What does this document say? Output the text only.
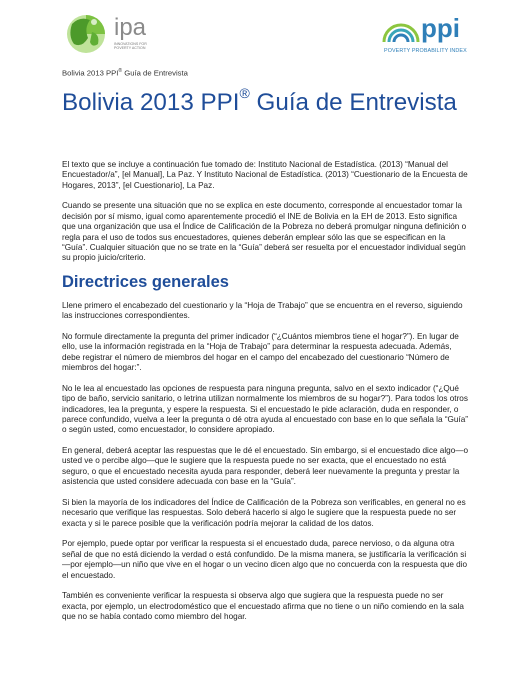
ipa
INNOVATIONS FOR
POVERTY ACTION
ppi
POVERTY PROBABILITY INDEX
Bolivia 2013 PPI® Guía de Entrevista
Bolivia 2013 PPI® Guía de Entrevista

El texto que se incluye a continuación fue tomado de: Instituto Nacional de Estadística. (2013) “Manual del Encuestador/a”, [el Manual], La Paz. Y Instituto Nacional de Estadística. (2013) “Cuestionario de la Encuesta de Hogares, 2013”, [el Cuestionario], La Paz.

Cuando se presente una situación que no se explica en este documento, corresponde al encuestador tomar la decisión por sí mismo, igual como aparentemente procedió el INE de Bolivia en la EH de 2013. Esto significa que una organización que usa el Índice de Calificación de la Pobreza no deberá promulgar ninguna definición o regla para el uso de todos sus encuestadores, quienes deberán emplear sólo las que se especifican en la “Guía”. Cualquier situación que no se trate en la “Guía” deberá ser resuelta por el encuestador individual según su propio juicio/criterio.

Directrices generales

Llene primero el encabezado del cuestionario y la “Hoja de Trabajo” que se encuentra en el reverso, siguiendo las instrucciones correspondientes.

No formule directamente la pregunta del primer indicador (“¿Cuántos miembros tiene el hogar?”). En lugar de ello, use la información registrada en la “Hoja de Trabajo” para determinar la respuesta adecuada. Además, debe registrar el número de miembros del hogar en el campo del encabezado del cuestionario “Número de miembros del hogar:”.

No le lea al encuestado las opciones de respuesta para ninguna pregunta, salvo en el sexto indicador (“¿Qué tipo de baño, servicio sanitario, o letrina utilizan normalmente los miembros de su hogar?”). Para todos los otros indicadores, lea la pregunta, y espere la respuesta. Si el encuestado le pide aclaración, duda en responder, o parece confundido, vuelva a leer la pregunta o dé otra ayuda al encuestado con base en lo que señala la “Guía” o según usted, como encuestador, lo considere apropiado.

En general, deberá aceptar las respuestas que le dé el encuestado. Sin embargo, si el encuestado dice algo—o usted ve o percibe algo—que le sugiere que la respuesta puede no ser exacta, que el encuestado no está seguro, o que el encuestado necesita ayuda para responder, deberá leer nuevamente la pregunta y prestar la asistencia que usted considere adecuada con base en la “Guía”.

Si bien la mayoría de los indicadores del Índice de Calificación de la Pobreza son verificables, en general no es necesario que verifique las respuestas. Solo deberá hacerlo si algo le sugiere que la respuesta puede no ser exacta y si le parece posible que la verificación podría mejorar la calidad de los datos.

Por ejemplo, puede optar por verificar la respuesta si el encuestado duda, parece nervioso, o da alguna otra señal de que no está diciendo la verdad o está confundido. De la misma manera, se justificaría la verificación si—por ejemplo—un niño que vive en el hogar o un vecino dicen algo que no concuerda con la respuesta que dio el encuestado.

También es conveniente verificar la respuesta si observa algo que sugiera que la respuesta puede no ser exacta, por ejemplo, un electrodoméstico que el encuestado afirma que no tiene o un niño comiendo en la sala que no se había contado como miembro del hogar.
